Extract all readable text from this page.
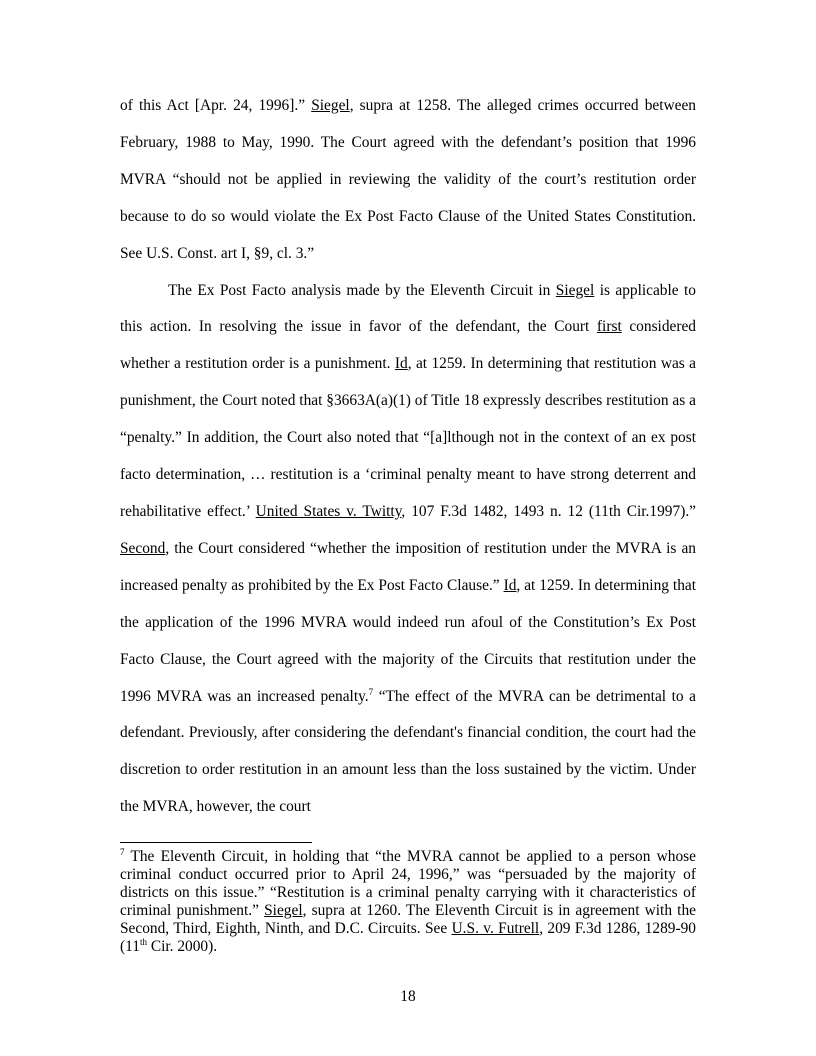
of this Act [Apr. 24, 1996].” Siegel, supra at 1258. The alleged crimes occurred between February, 1988 to May, 1990. The Court agreed with the defendant’s position that 1996 MVRA “should not be applied in reviewing the validity of the court’s restitution order because to do so would violate the Ex Post Facto Clause of the United States Constitution. See U.S. Const. art I, §9, cl. 3.”

The Ex Post Facto analysis made by the Eleventh Circuit in Siegel is applicable to this action. In resolving the issue in favor of the defendant, the Court first considered whether a restitution order is a punishment. Id, at 1259. In determining that restitution was a punishment, the Court noted that §3663A(a)(1) of Title 18 expressly describes restitution as a “penalty.” In addition, the Court also noted that “[a]lthough not in the context of an ex post facto determination, … restitution is a ‘criminal penalty meant to have strong deterrent and rehabilitative effect.’ United States v. Twitty, 107 F.3d 1482, 1493 n. 12 (11th Cir.1997).” Second, the Court considered “whether the imposition of restitution under the MVRA is an increased penalty as prohibited by the Ex Post Facto Clause.” Id, at 1259. In determining that the application of the 1996 MVRA would indeed run afoul of the Constitution’s Ex Post Facto Clause, the Court agreed with the majority of the Circuits that restitution under the 1996 MVRA was an increased penalty.$^7$ “The effect of the MVRA can be detrimental to a defendant. Previously, after considering the defendant's financial condition, the court had the discretion to order restitution in an amount less than the loss sustained by the victim. Under the MVRA, however, the court

$^7$ The Eleventh Circuit, in holding that “the MVRA cannot be applied to a person whose criminal conduct occurred prior to April 24, 1996,” was “persuaded by the majority of districts on this issue.” “Restitution is a criminal penalty carrying with it characteristics of criminal punishment.” Siegel, supra at 1260. The Eleventh Circuit is in agreement with the Second, Third, Eighth, Ninth, and D.C. Circuits. See U.S. v. Futrell, 209 F.3d 1286, 1289-90 (11th Cir. 2000).

18
